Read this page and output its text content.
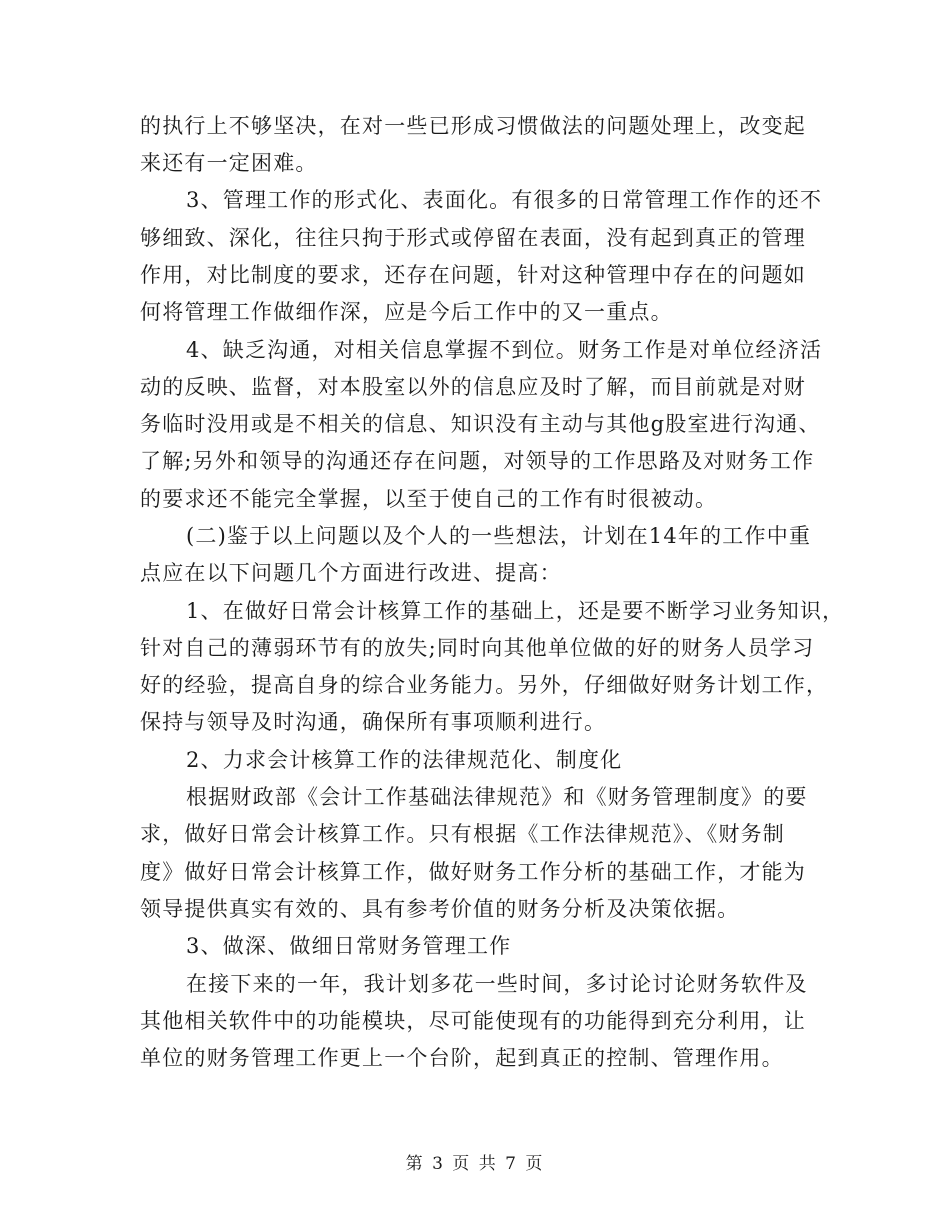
的执行上不够坚决，在对一些已形成习惯做法的问题处理上，改变起
来还有一定困难。
3、管理工作的形式化、表面化。有很多的日常管理工作作的还不
够细致、深化，往往只拘于形式或停留在表面，没有起到真正的管理
作用，对比制度的要求，还存在问题，针对这种管理中存在的问题如
何将管理工作做细作深，应是今后工作中的又一重点。
4、缺乏沟通，对相关信息掌握不到位。财务工作是对单位经济活
动的反映、监督，对本股室以外的信息应及时了解，而目前就是对财
务临时没用或是不相关的信息、知识没有主动与其他g股室进行沟通、
了解;另外和领导的沟通还存在问题，对领导的工作思路及对财务工作
的要求还不能完全掌握，以至于使自己的工作有时很被动。
(二)鉴于以上问题以及个人的一些想法，计划在14年的工作中重
点应在以下问题几个方面进行改进、提高：
1、在做好日常会计核算工作的基础上，还是要不断学习业务知识，
针对自己的薄弱环节有的放失;同时向其他单位做的好的财务人员学习
好的经验，提高自身的综合业务能力。另外，仔细做好财务计划工作，
保持与领导及时沟通，确保所有事项顺利进行。
2、力求会计核算工作的法律规范化、制度化
根据财政部《会计工作基础法律规范》和《财务管理制度》的要
求，做好日常会计核算工作。只有根据《工作法律规范》、《财务制
度》做好日常会计核算工作，做好财务工作分析的基础工作，才能为
领导提供真实有效的、具有参考价值的财务分析及决策依据。
3、做深、做细日常财务管理工作
在接下来的一年，我计划多花一些时间，多讨论讨论财务软件及
其他相关软件中的功能模块，尽可能使现有的功能得到充分利用，让
单位的财务管理工作更上一个台阶，起到真正的控制、管理作用。
第 3 页 共 7 页
